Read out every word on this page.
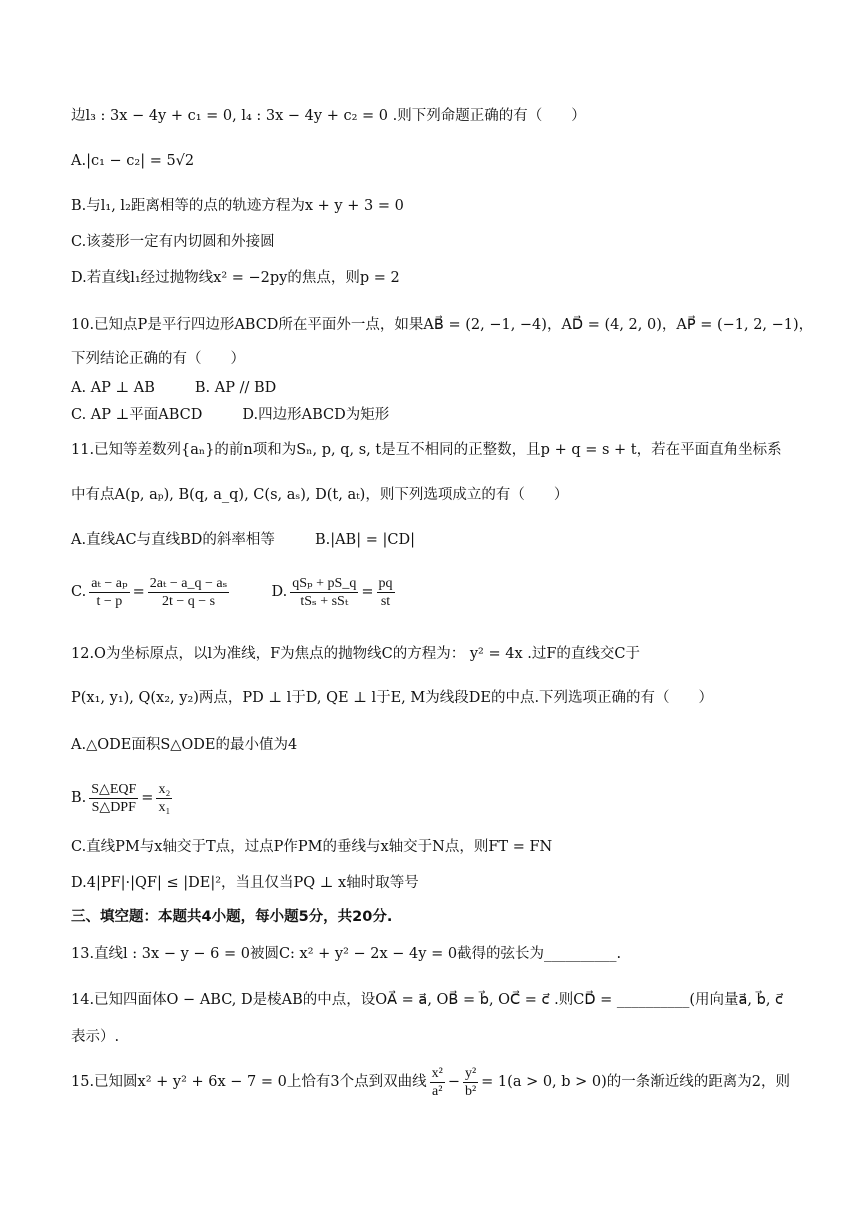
边l₃ : 3x − 4y + c₁ = 0, l₄ : 3x − 4y + c₂ = 0 .则下列命题正确的有（　　）
A.|c₁ − c₂| = 5√2
B.与l₁, l₂距离相等的点的轨迹方程为x + y + 3 = 0
C.该菱形一定有内切圆和外接圆
D.若直线l₁经过抛物线x² = −2py的焦点，则p = 2
10.已知点P是平行四边形ABCD所在平面外一点，如果AB⃗ = (2, −1, −4)，AD⃗ = (4, 2, 0)，AP⃗ = (−1, 2, −1)，
下列结论正确的有（　　）
A. AP ⊥ AB	B. AP // BD
C. AP ⊥平面ABCD	D.四边形ABCD为矩形
11.已知等差数列{aₙ}的前n项和为Sₙ, p, q, s, t是互不相同的正整数，且p + q = s + t，若在平面直角坐标系
中有点A(p, aₚ), B(q, a_q), C(s, aₛ), D(t, aₜ)，则下列选项成立的有（　　）
A.直线AC与直线BD的斜率相等	B.|AB| = |CD|
C. $\frac{\text{aₜ − aₚ}}{t - p} = \frac{\text{2aₜ − a\_q − aₛ}}{2t - q - s}$	D. $\frac{\text{qSₚ + pS\_q}}{\text{tSₛ + sSₜ}} = \frac{pq}{st}$
12.O为坐标原点，以l为准线，F为焦点的抛物线C的方程为： y² = 4x .过F的直线交C于
P(x₁, y₁), Q(x₂, y₂)两点，PD ⊥ l于D, QE ⊥ l于E, M为线段DE的中点.下列选项正确的有（　　）
A.△ODE面积S△ODE的最小值为4
B. $\frac{\text{S△EQF}}{\text{S△DPF}} = \frac{\text{x₂}}{\text{x₁}}$
C.直线PM与x轴交于T点，过点P作PM的垂线与x轴交于N点，则FT = FN
D.4|PF|·|QF| ≤ |DE|²，当且仅当PQ ⊥ x轴时取等号
三、填空题：本题共4小题，每小题5分，共20分.
13.直线l : 3x − y − 6 = 0被圆C: x² + y² − 2x − 4y = 0截得的弦长为__________.
14.已知四面体O − ABC, D是棱AB的中点，设OA⃗ = a⃗, OB⃗ = b⃗, OC⃗ = c⃗ .则CD⃗ = __________(用向量a⃗, b⃗, c⃗
表示）.
15.已知圆x² + y² + 6x − 7 = 0上恰有3个点到双曲线 $\frac{\text{x²}}{\text{a²}} - \frac{\text{y²}}{\text{b²}} = 1(a > 0$, b > 0)的一条渐近线的距离为2，则
